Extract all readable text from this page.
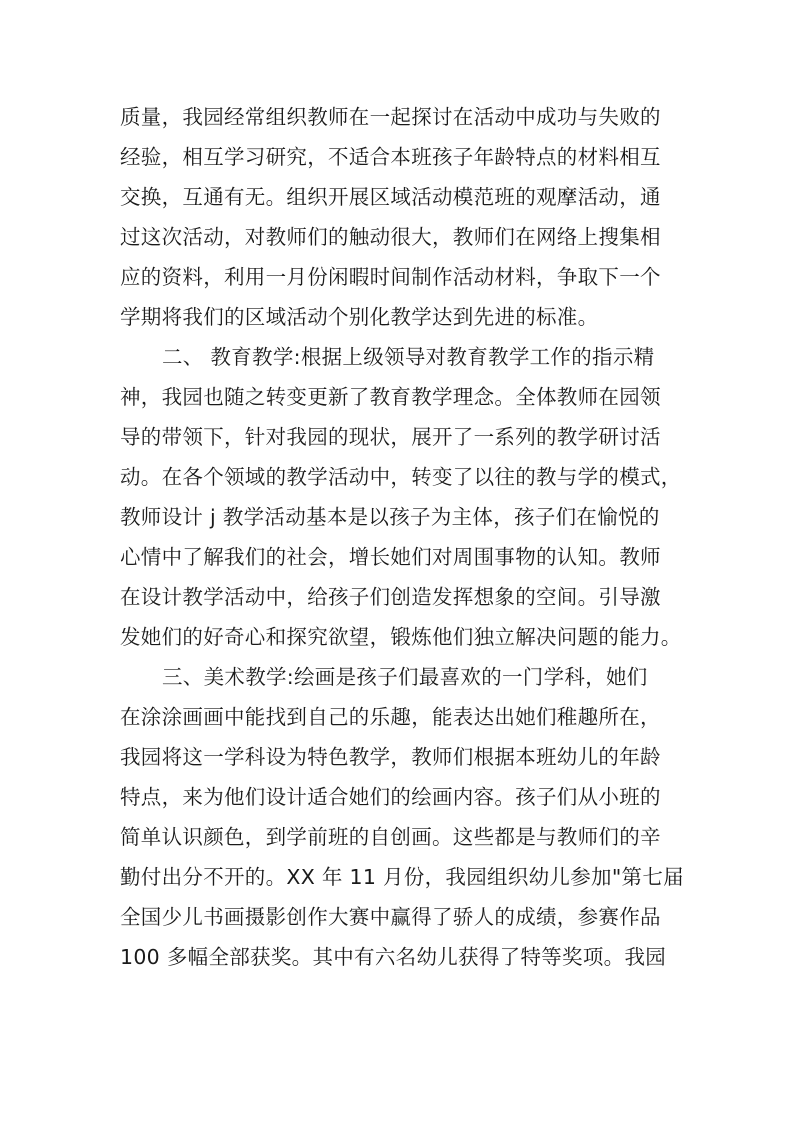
质量，我园经常组织教师在一起探讨在活动中成功与失败的
经验，相互学习研究，不适合本班孩子年龄特点的材料相互
交换，互通有无。组织开展区域活动模范班的观摩活动，通
过这次活动，对教师们的触动很大，教师们在网络上搜集相
应的资料，利用一月份闲暇时间制作活动材料，争取下一个
学期将我们的区域活动个别化教学达到先进的标准。
二、 教育教学:根据上级领导对教育教学工作的指示精
神，我园也随之转变更新了教育教学理念。全体教师在园领
导的带领下，针对我园的现状，展开了一系列的教学研讨活
动。在各个领域的教学活动中，转变了以往的教与学的模式，
教师设计 j 教学活动基本是以孩子为主体，孩子们在愉悦的
心情中了解我们的社会，增长她们对周围事物的认知。教师
在设计教学活动中，给孩子们创造发挥想象的空间。引导激
发她们的好奇心和探究欲望，锻炼他们独立解决问题的能力。
三、美术教学:绘画是孩子们最喜欢的一门学科，她们
在涂涂画画中能找到自己的乐趣，能表达出她们稚趣所在，
我园将这一学科设为特色教学，教师们根据本班幼儿的年龄
特点，来为他们设计适合她们的绘画内容。孩子们从小班的
简单认识颜色，到学前班的自创画。这些都是与教师们的辛
勤付出分不开的。XX 年 11 月份，我园组织幼儿参加"第七届
全国少儿书画摄影创作大赛中赢得了骄人的成绩，参赛作品
100 多幅全部获奖。其中有六名幼儿获得了特等奖项。我园
